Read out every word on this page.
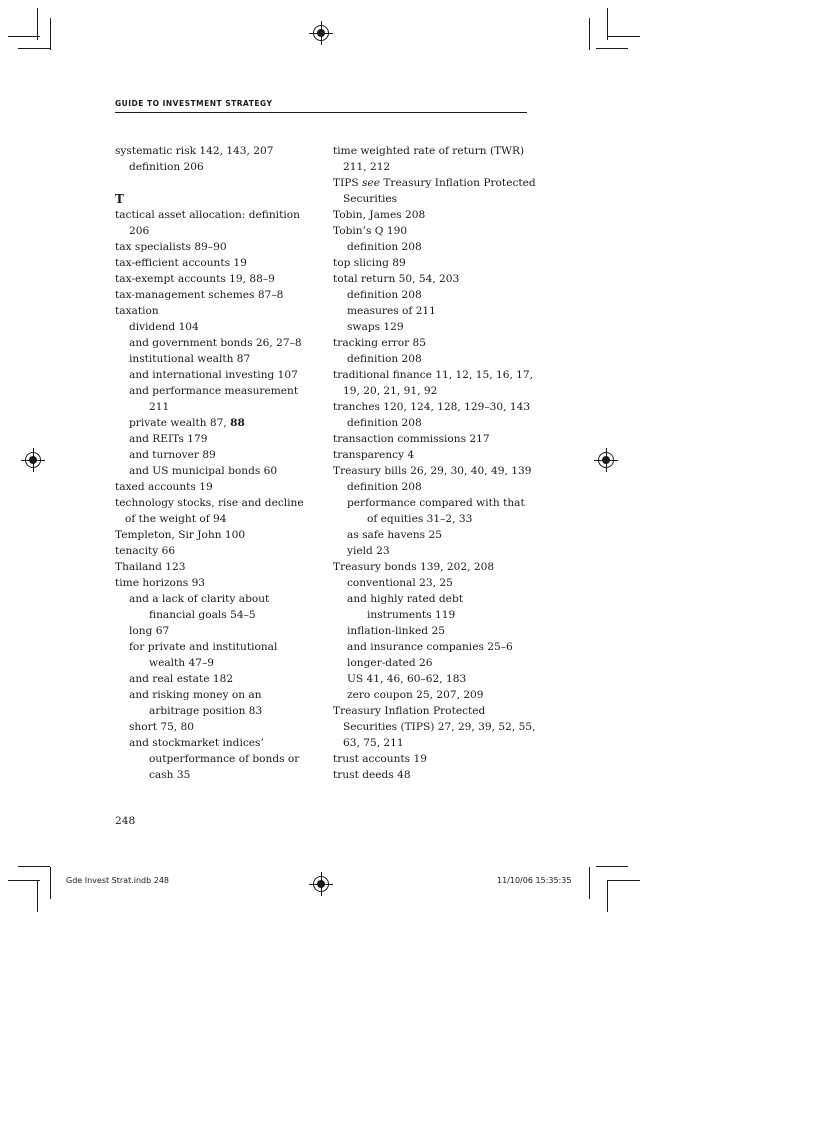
GUIDE TO INVESTMENT STRATEGY
systematic risk 142, 143, 207
definition 206
T
tactical asset allocation: definition
206
tax specialists 89–90
tax-efficient accounts 19
tax-exempt accounts 19, 88–9
tax-management schemes 87–8
taxation
dividend 104
and government bonds 26, 27–8
institutional wealth 87
and international investing 107
and performance measurement
211
private wealth 87, 88
and REITs 179
and turnover 89
and US municipal bonds 60
taxed accounts 19
technology stocks, rise and decline
of the weight of 94
Templeton, Sir John 100
tenacity 66
Thailand 123
time horizons 93
and a lack of clarity about
financial goals 54–5
long 67
for private and institutional
wealth 47–9
and real estate 182
and risking money on an
arbitrage position 83
short 75, 80
and stockmarket indices’
outperformance of bonds or
cash 35
time weighted rate of return (TWR)
211, 212
TIPS see Treasury Inflation Protected
Securities
Tobin, James 208
Tobin’s Q 190
definition 208
top slicing 89
total return 50, 54, 203
definition 208
measures of 211
swaps 129
tracking error 85
definition 208
traditional finance 11, 12, 15, 16, 17,
19, 20, 21, 91, 92
tranches 120, 124, 128, 129–30, 143
definition 208
transaction commissions 217
transparency 4
Treasury bills 26, 29, 30, 40, 49, 139
definition 208
performance compared with that
of equities 31–2, 33
as safe havens 25
yield 23
Treasury bonds 139, 202, 208
conventional 23, 25
and highly rated debt
instruments 119
inflation-linked 25
and insurance companies 25–6
longer-dated 26
US 41, 46, 60–62, 183
zero coupon 25, 207, 209
Treasury Inflation Protected
Securities (TIPS) 27, 29, 39, 52, 55,
63, 75, 211
trust accounts 19
trust deeds 48
248
Gde Invest Strat.indb 248	11/10/06 15:35:35
